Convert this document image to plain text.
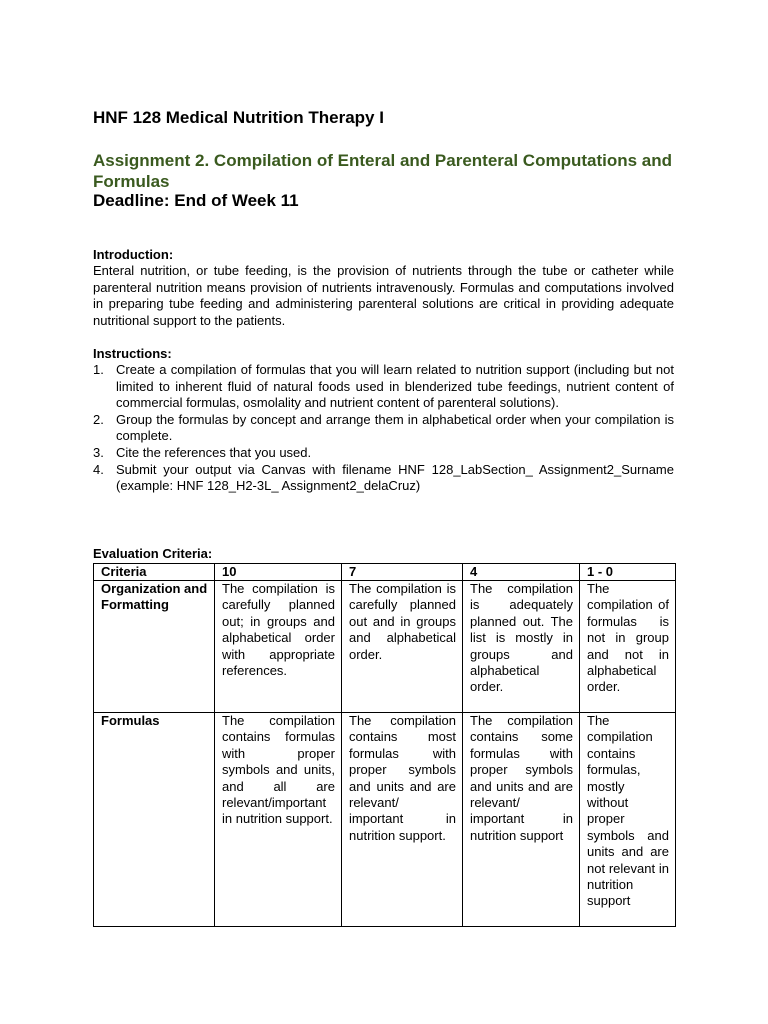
HNF 128 Medical Nutrition Therapy I
Assignment 2. Compilation of Enteral and Parenteral Computations and Formulas
Deadline: End of Week 11
Introduction:
Enteral nutrition, or tube feeding, is the provision of nutrients through the tube or catheter while parenteral nutrition means provision of nutrients intravenously. Formulas and computations involved in preparing tube feeding and administering parenteral solutions are critical in providing adequate nutritional support to the patients.
Instructions:
1. Create a compilation of formulas that you will learn related to nutrition support (including but not limited to inherent fluid of natural foods used in blenderized tube feedings, nutrient content of commercial formulas, osmolality and nutrient content of parenteral solutions).
2. Group the formulas by concept and arrange them in alphabetical order when your compilation is complete.
3. Cite the references that you used.
4. Submit your output via Canvas with filename HNF 128_LabSection_ Assignment2_Surname (example: HNF 128_H2-3L_ Assignment2_delaCruz)
Evaluation Criteria:
Criteria	10	7	4	1 - 0
Organization and Formatting	The compilation is carefully planned out; in groups and alphabetical order with appropriate references.	The compilation is carefully planned out and in groups and alphabetical order.	The compilation is adequately planned out. The list is mostly in groups and alphabetical order.	The compilation of formulas is not in group and not in alphabetical order.
Formulas	The compilation contains formulas with proper symbols and units, and all are relevant/important in nutrition support.	The compilation contains most formulas with proper symbols and units and are relevant/ important in nutrition support.	The compilation contains some formulas with proper symbols and units and are relevant/ important in nutrition support	The compilation contains formulas, mostly without proper symbols and units and are not relevant in nutrition support
